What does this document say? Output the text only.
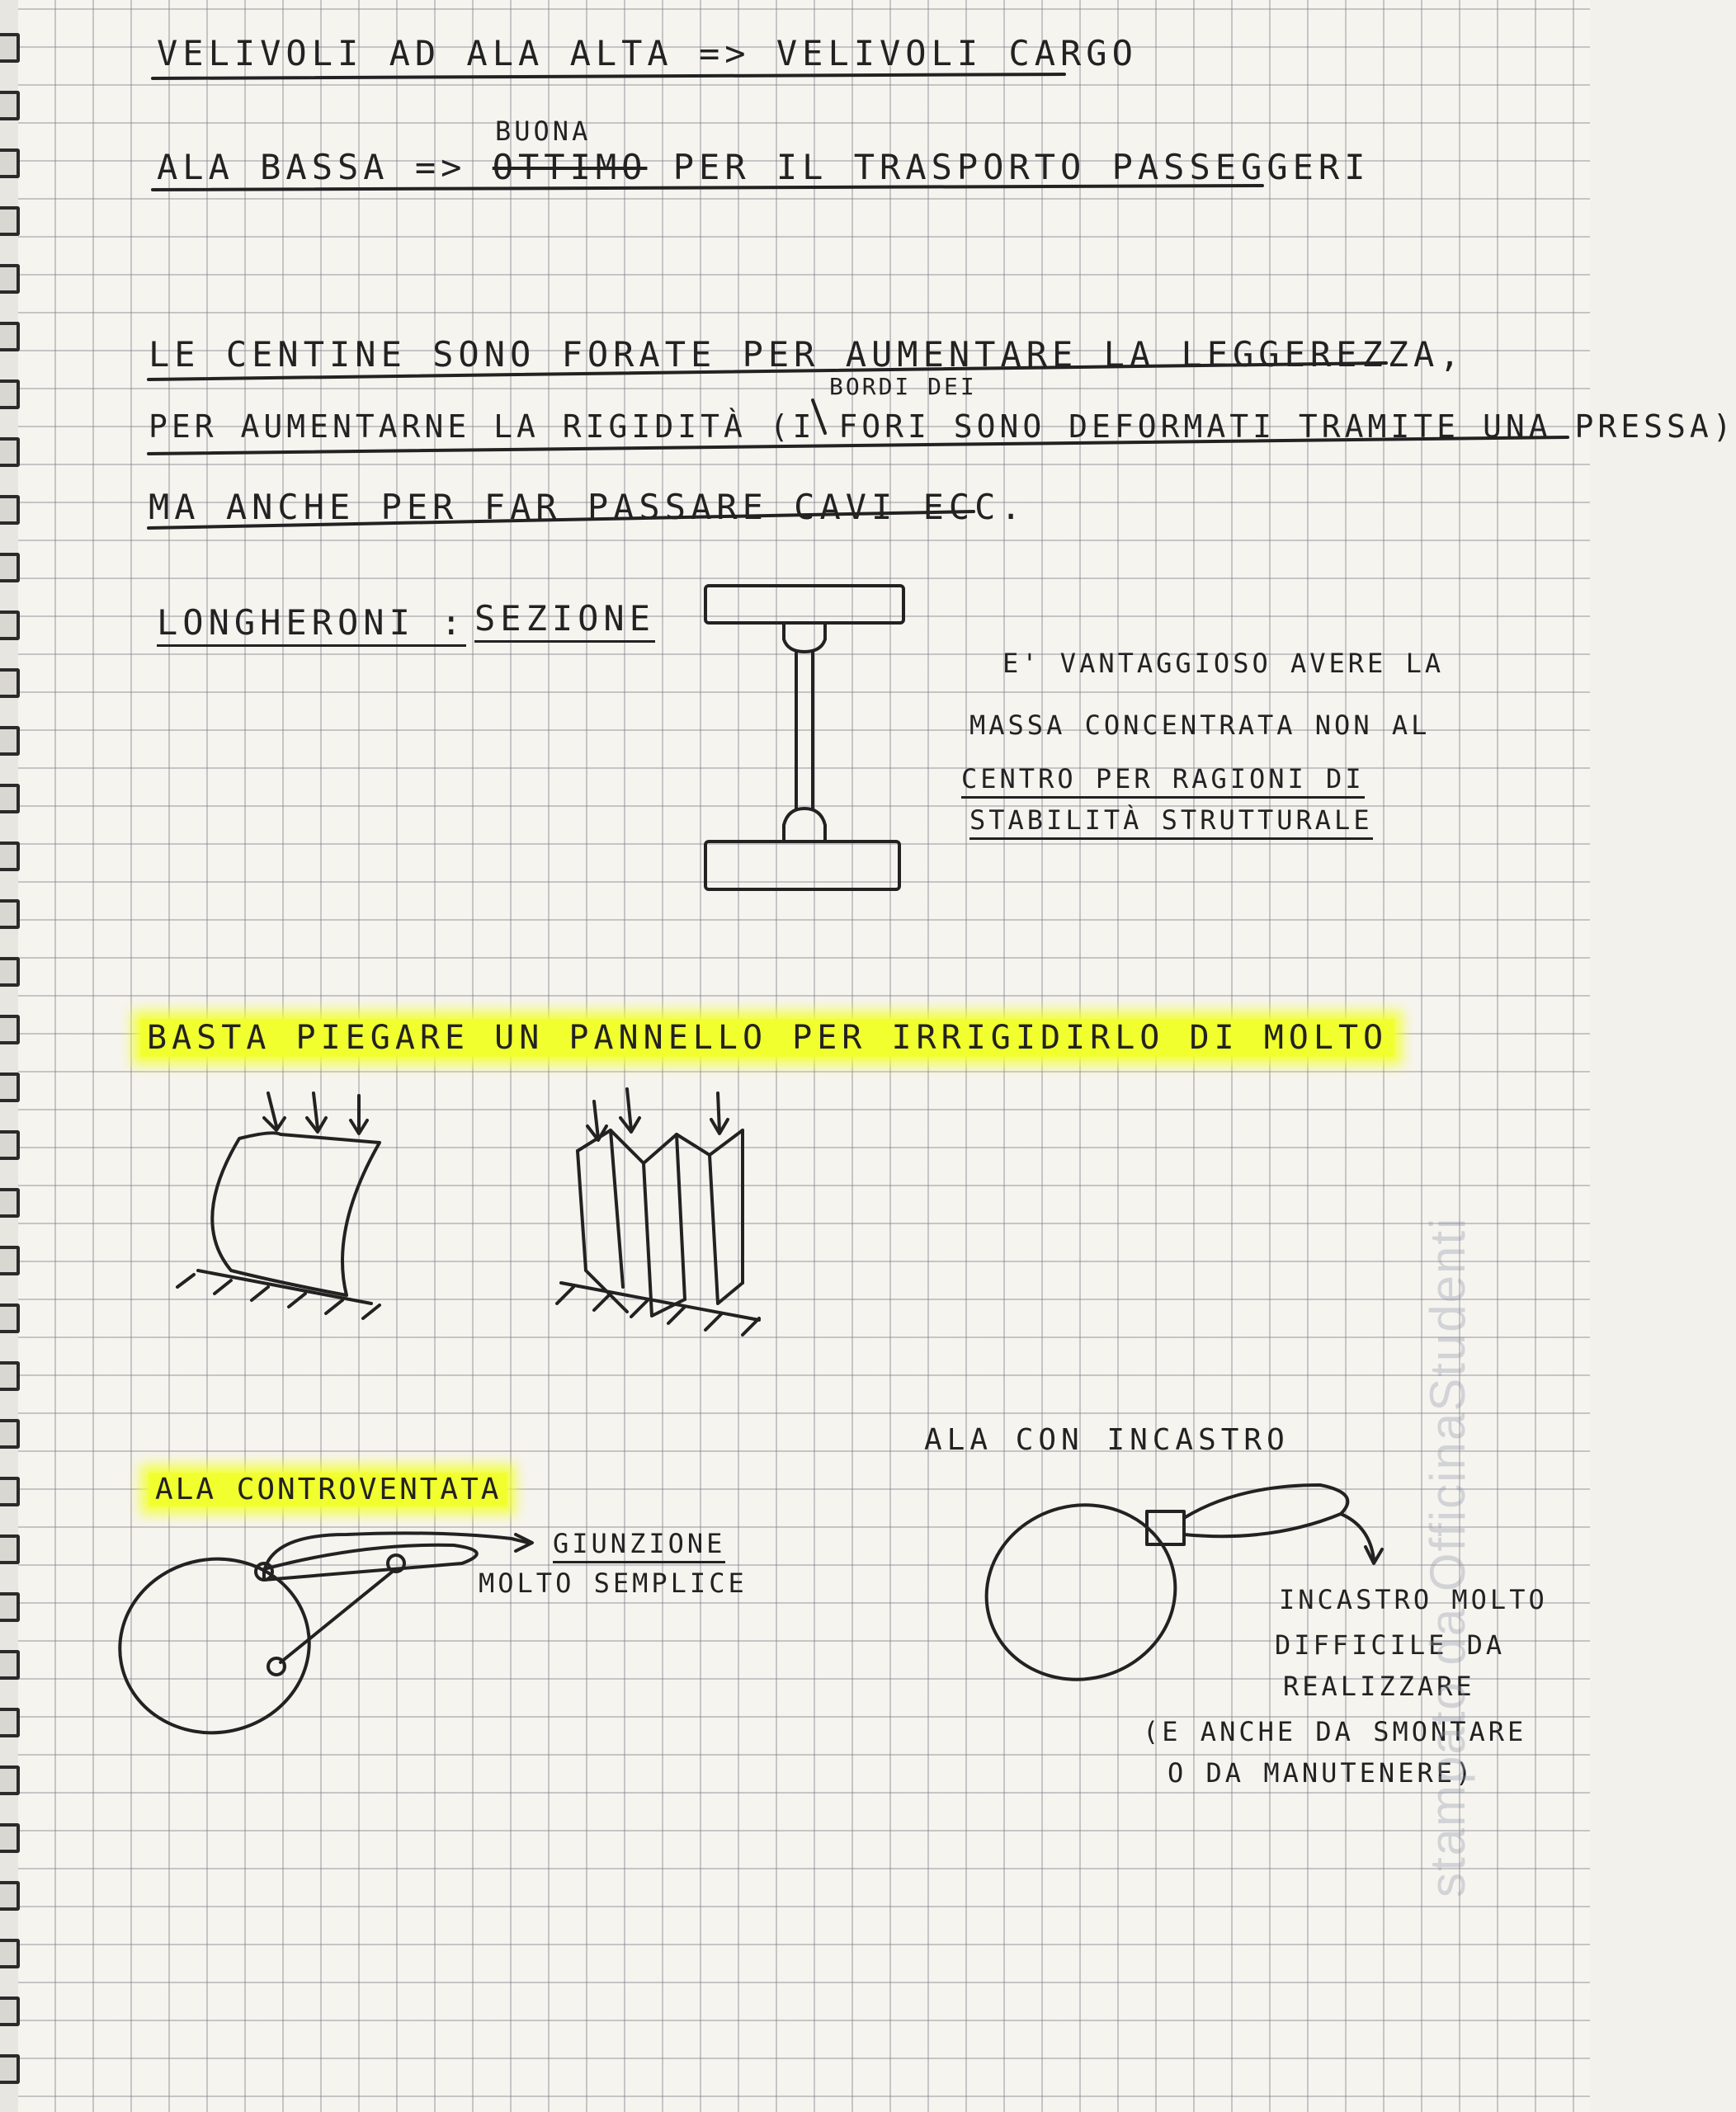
VELIVOLI AD ALA ALTA => VELIVOLI CARGO
ALA BASSA => OTTIMO PER IL TRASPORTO PASSEGGERI
BUONA
LE CENTINE SONO FORATE PER AUMENTARE LA LEGGEREZZA,
BORDI DEI
PER AUMENTARNE LA RIGIDITÀ (I FORI SONO DEFORMATI TRAMITE UNA PRESSA)
MA ANCHE PER FAR PASSARE CAVI ECC.
LONGHERONI : SEZIONE
E' VANTAGGIOSO AVERE LA
MASSA CONCENTRATA NON AL
CENTRO PER RAGIONI DI
STABILITÀ STRUTTURALE
BASTA PIEGARE UN PANNELLO PER IRRIGIDIRLO DI MOLTO
ALA CON INCASTRO
ALA CONTROVENTATA
GIUNZIONE
MOLTO SEMPLICE
INCASTRO MOLTO
DIFFICILE DA
REALIZZARE
(E ANCHE DA SMONTARE
O DA MANUTENERE)
stampato da OfficinaStudenti
